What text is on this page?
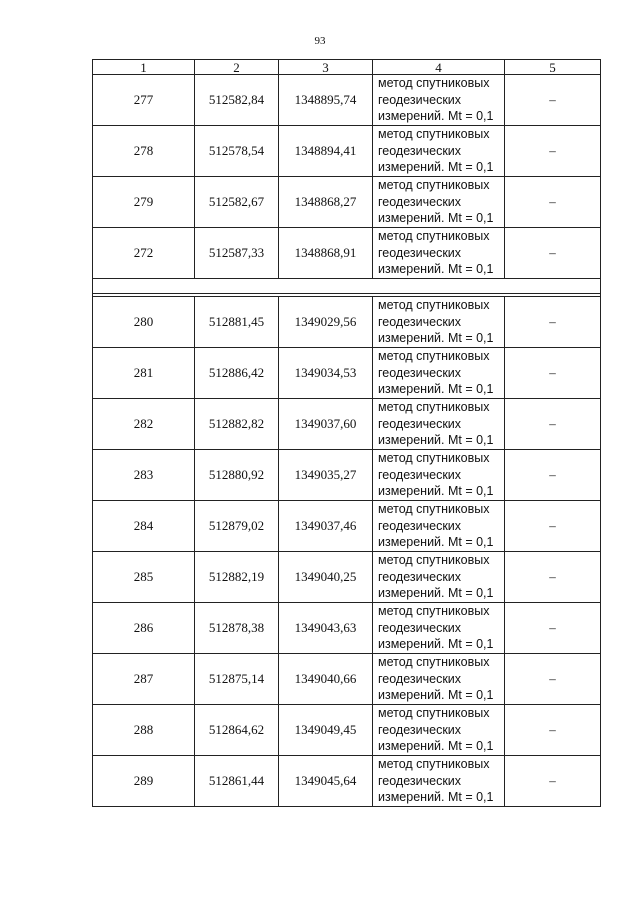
93
1	2	3	4	5
277	512582,84	1348895,74	метод спутниковых
геодезических
измерений. Mt = 0,1	–
278	512578,54	1348894,41	метод спутниковых
геодезических
измерений. Mt = 0,1	–
279	512582,67	1348868,27	метод спутниковых
геодезических
измерений. Mt = 0,1	–
272	512587,33	1348868,91	метод спутниковых
геодезических
измерений. Mt = 0,1	–

280	512881,45	1349029,56	метод спутниковых
геодезических
измерений. Mt = 0,1	–
281	512886,42	1349034,53	метод спутниковых
геодезических
измерений. Mt = 0,1	–
282	512882,82	1349037,60	метод спутниковых
геодезических
измерений. Mt = 0,1	–
283	512880,92	1349035,27	метод спутниковых
геодезических
измерений. Mt = 0,1	–
284	512879,02	1349037,46	метод спутниковых
геодезических
измерений. Mt = 0,1	–
285	512882,19	1349040,25	метод спутниковых
геодезических
измерений. Mt = 0,1	–
286	512878,38	1349043,63	метод спутниковых
геодезических
измерений. Mt = 0,1	–
287	512875,14	1349040,66	метод спутниковых
геодезических
измерений. Mt = 0,1	–
288	512864,62	1349049,45	метод спутниковых
геодезических
измерений. Mt = 0,1	–
289	512861,44	1349045,64	метод спутниковых
геодезических
измерений. Mt = 0,1	–
